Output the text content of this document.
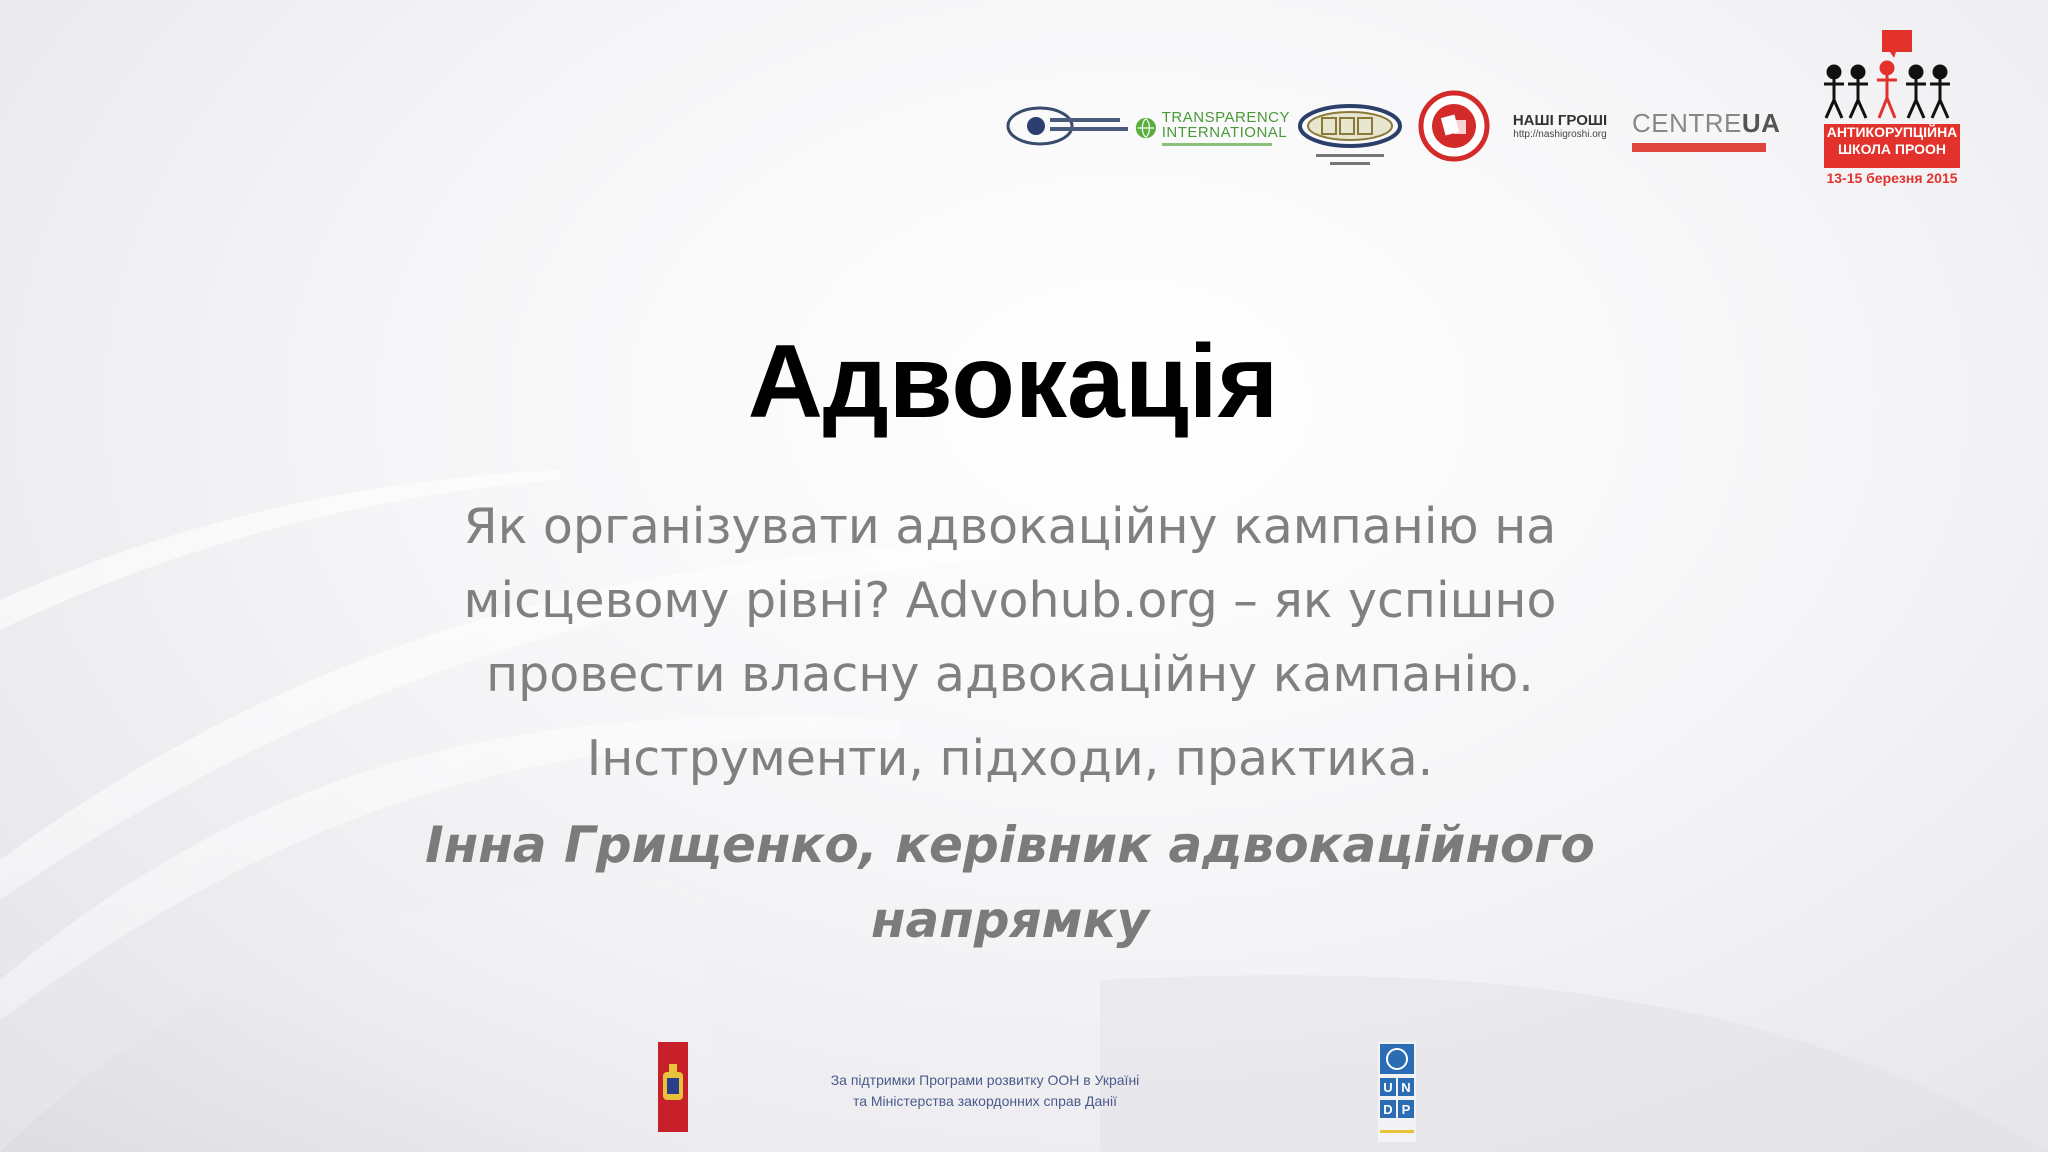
TRANSPARENCY
INTERNATIONAL
НАШІ ГРОШІ
http://nashigroshi.org CENTREUA	АНТИКОРУПЦІЙНА
ШКОЛА ПРООН
13-15 березня 2015
Адвокація
Як організувати адвокаційну кампанію на
місцевому рівні? Advohub.org – як успішно
провести власну адвокаційну кампанію.
Інструменти, підходи, практика.
Інна Грищенко, керівник адвокаційного
напрямку
За підтримки Програми розвитку ООН в Україні
та Міністерства закордонних справ Данії
U N
D P
